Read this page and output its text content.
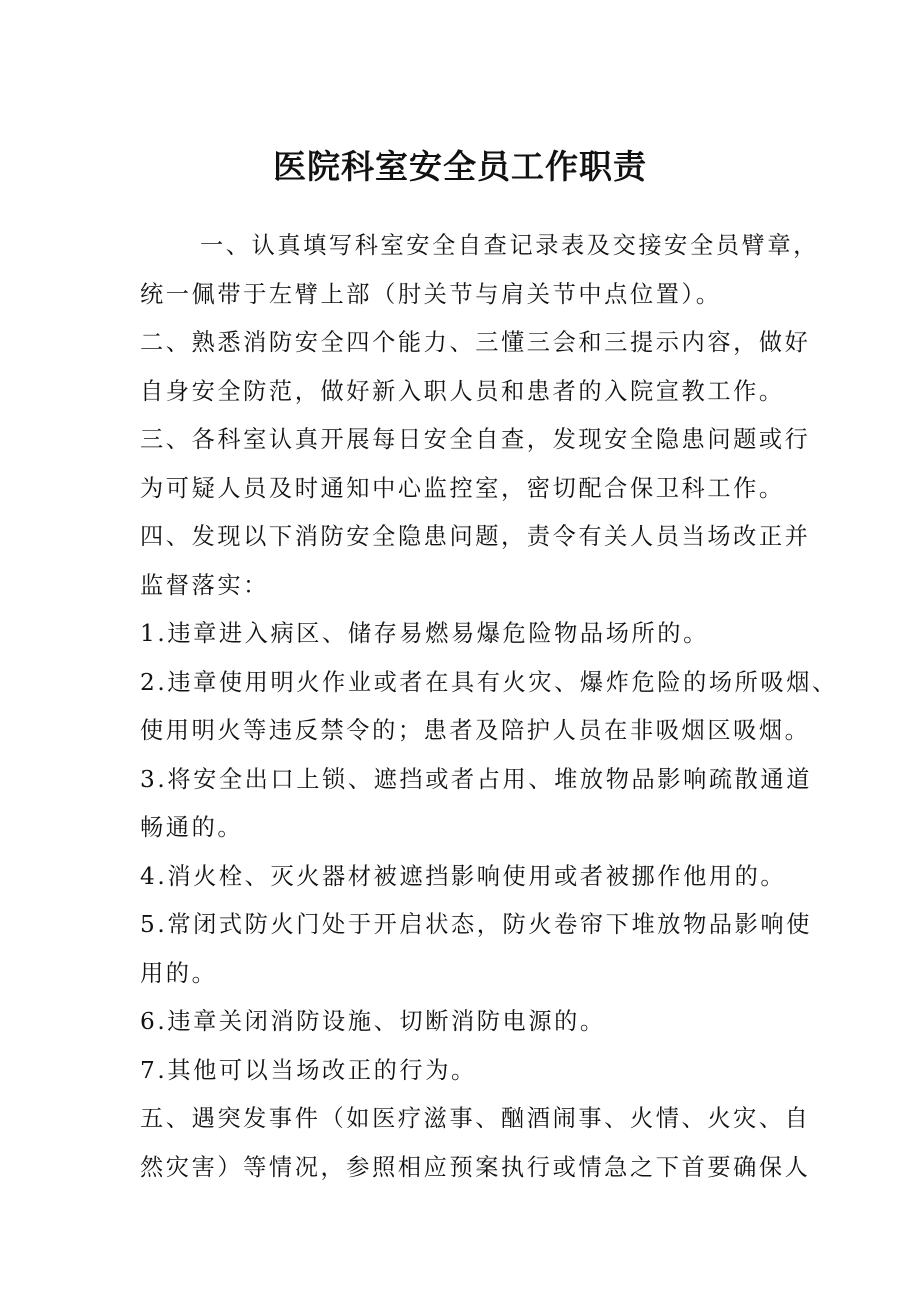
医院科室安全员工作职责
一、认真填写科室安全自查记录表及交接安全员臂章，
统一佩带于左臂上部（肘关节与肩关节中点位置）。
二、熟悉消防安全四个能力、三懂三会和三提示内容，做好
自身安全防范，做好新入职人员和患者的入院宣教工作。
三、各科室认真开展每日安全自查，发现安全隐患问题或行
为可疑人员及时通知中心监控室，密切配合保卫科工作。
四、发现以下消防安全隐患问题，责令有关人员当场改正并
监督落实：
1.违章进入病区、储存易燃易爆危险物品场所的。
2.违章使用明火作业或者在具有火灾、爆炸危险的场所吸烟、
使用明火等违反禁令的；患者及陪护人员在非吸烟区吸烟。
3.将安全出口上锁、遮挡或者占用、堆放物品影响疏散通道
畅通的。
4.消火栓、灭火器材被遮挡影响使用或者被挪作他用的。
5.常闭式防火门处于开启状态，防火卷帘下堆放物品影响使
用的。
6.违章关闭消防设施、切断消防电源的。
7.其他可以当场改正的行为。
五、遇突发事件（如医疗滋事、酗酒闹事、火情、火灾、自
然灾害）等情况，参照相应预案执行或情急之下首要确保人
